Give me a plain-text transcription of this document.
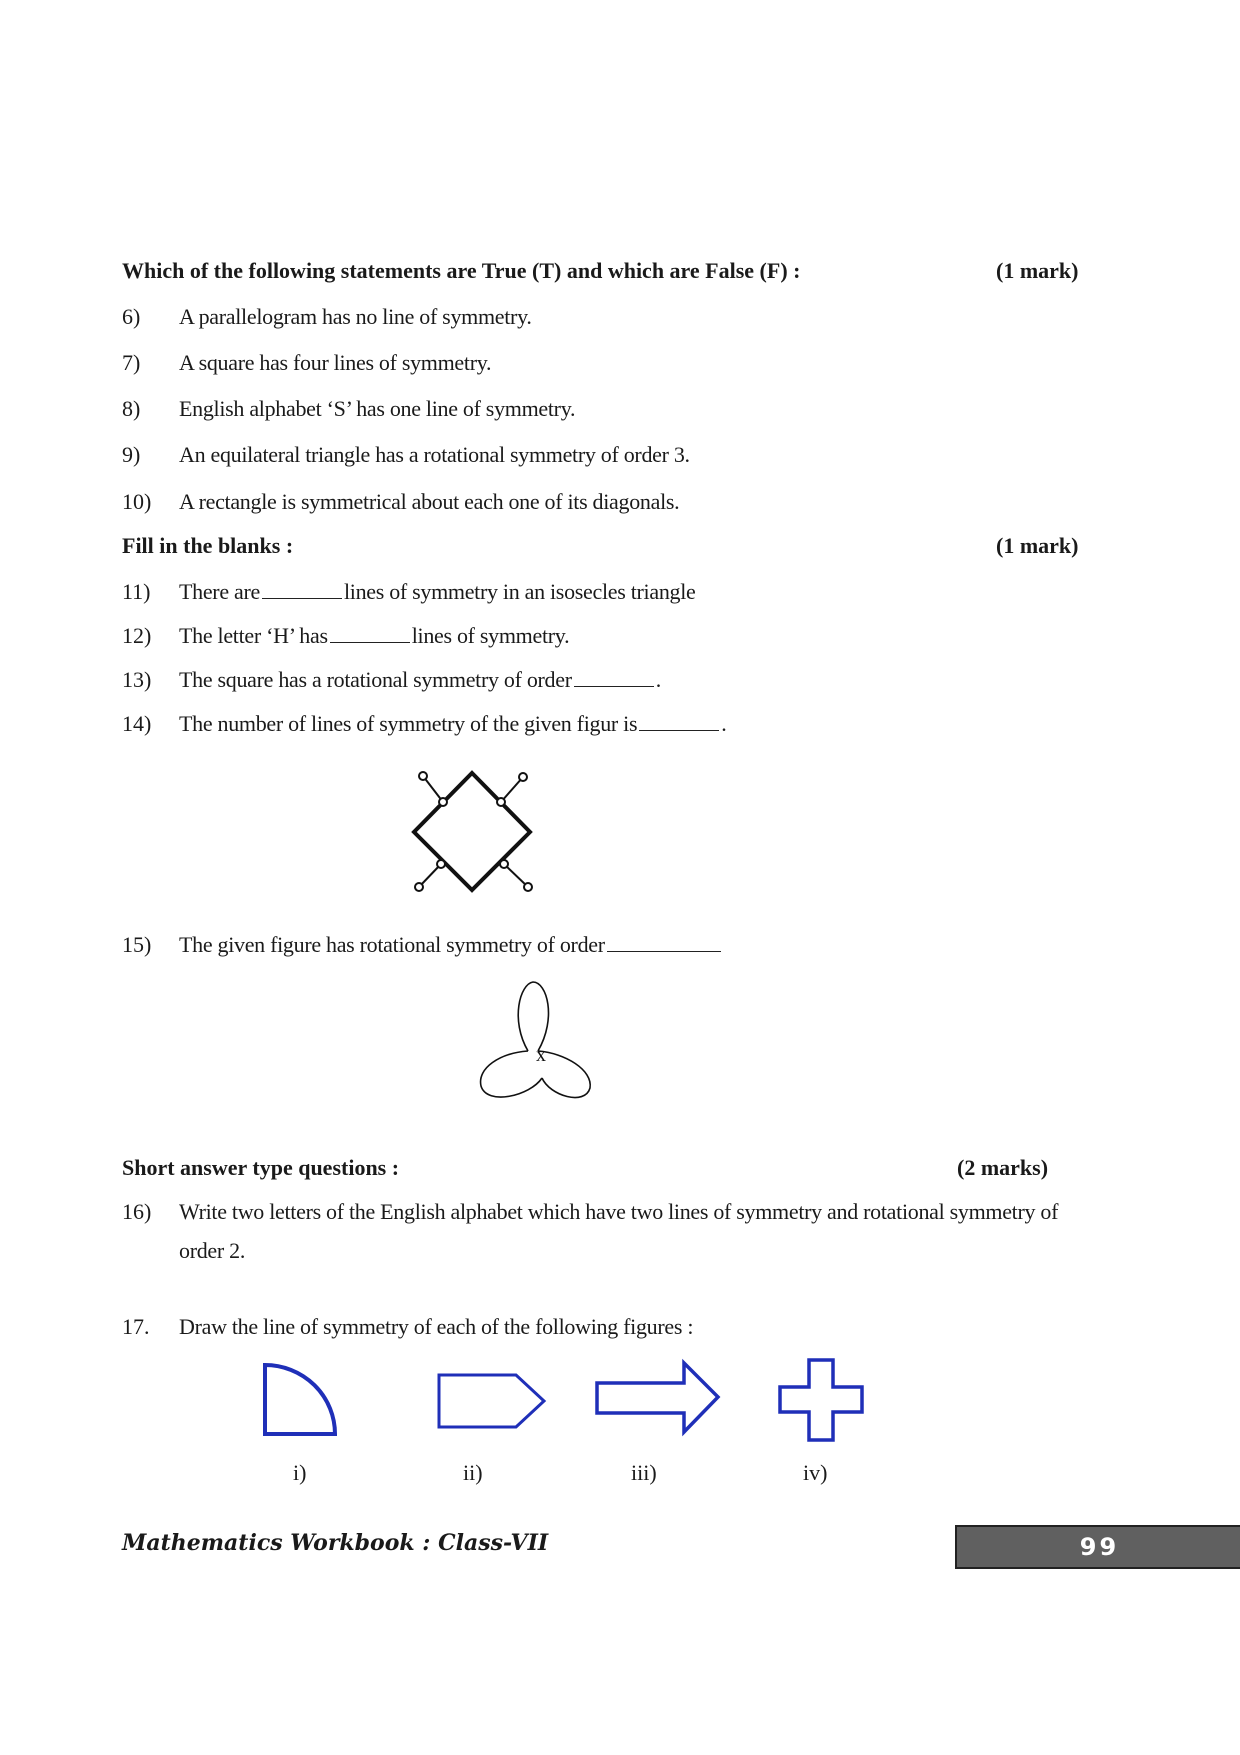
Which of the following statements are True (T) and which are False (F) :	(1 mark)
6) A parallelogram has no line of symmetry.
7) A square has four lines of symmetry.
8) English alphabet ‘S’ has one line of symmetry.
9) An equilateral triangle has a rotational symmetry of order 3.
10) A rectangle is symmetrical about each one of its diagonals.
Fill in the blanks :	(1 mark)
11) There are	lines of symmetry in an isosecles triangle
12) The letter ‘H’ has	lines of symmetry.
13) The square has a rotational symmetry of order	.
14) The number of lines of symmetry of the given figur is	.
15) The given figure has rotational symmetry of order
x
Short answer type questions :	(2 marks)
16) Write two letters of the English alphabet which have two lines of symmetry and rotational symmetry of
order 2.
17. Draw the line of symmetry of each of the following figures :
i)	ii)	iii)	iv)
Mathematics Workbook : Class-VII	99
